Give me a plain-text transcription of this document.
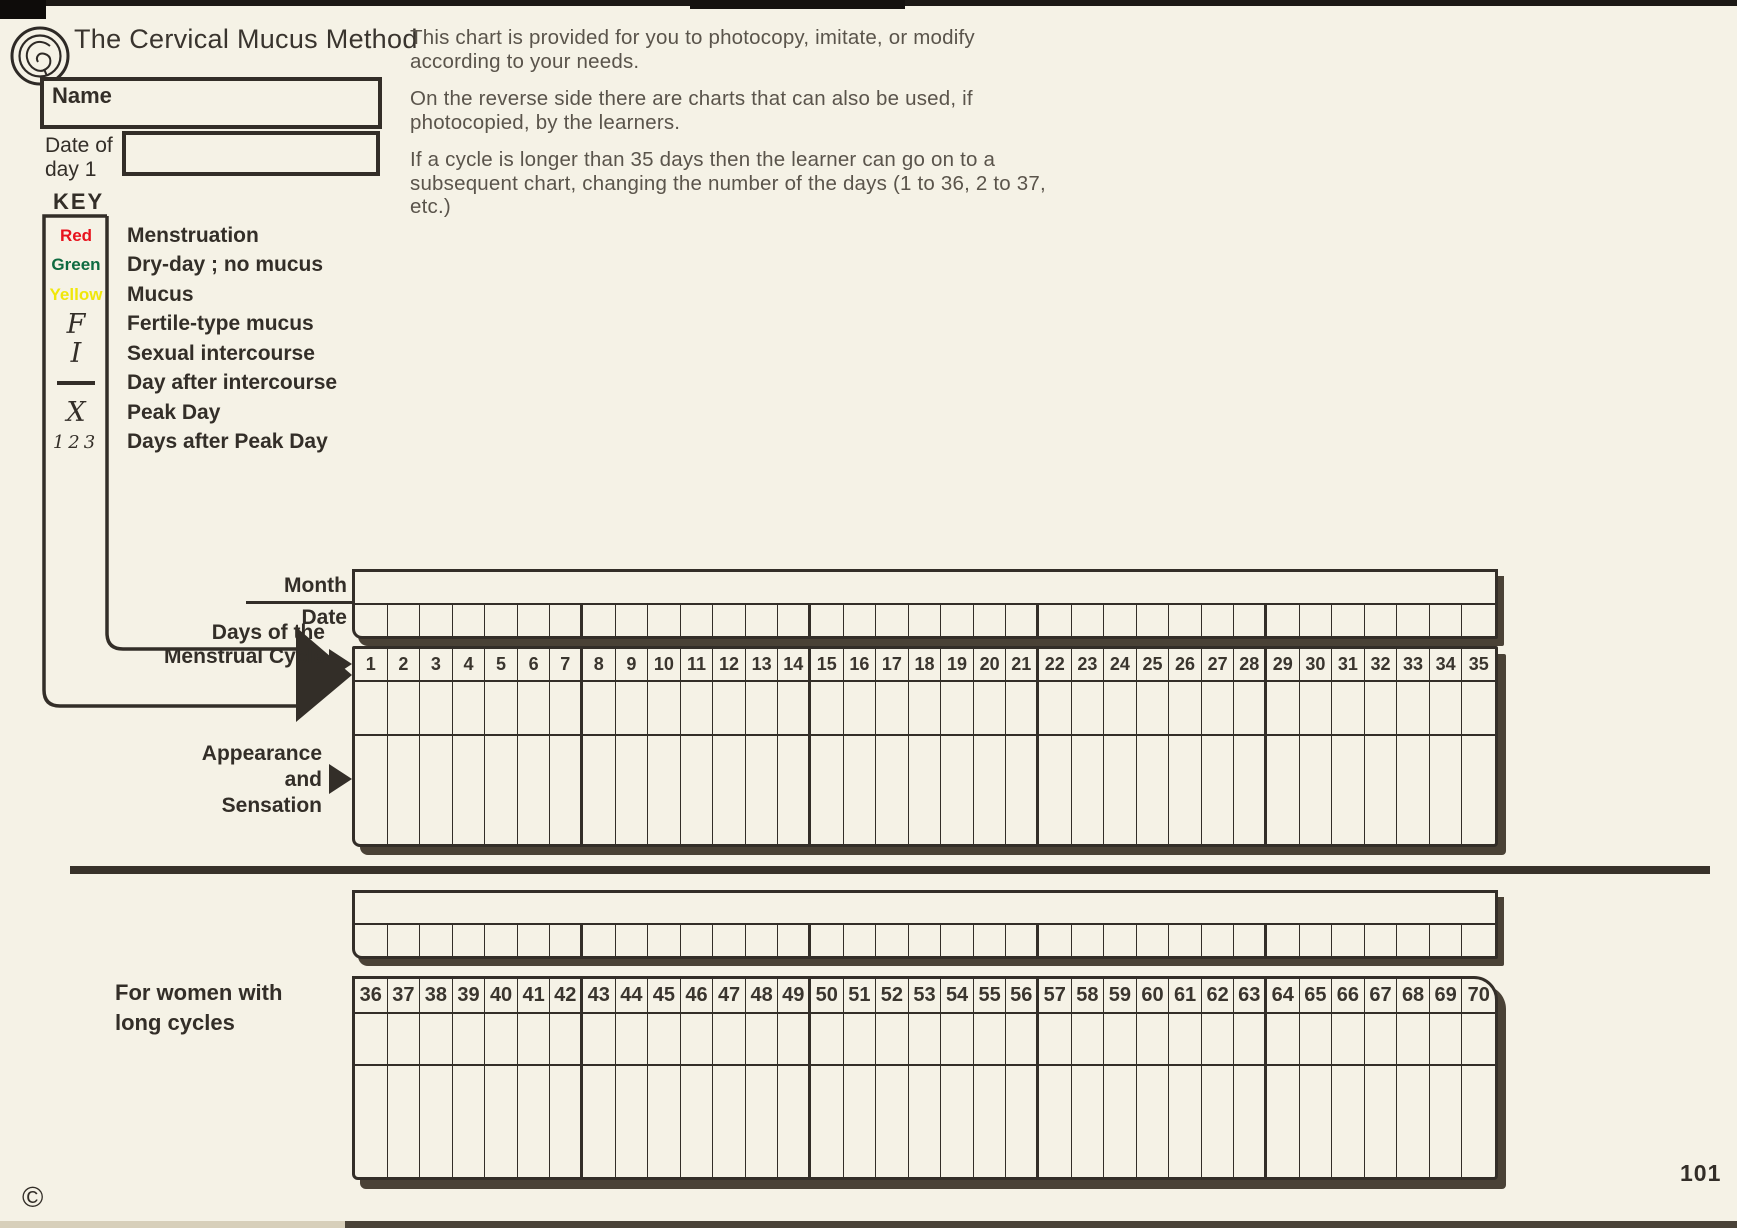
The Cervical Mucus Method
Name
Date of
day 1

This chart is provided for you to photocopy, imitate, or modify according to your needs.

On the reverse side there are charts that can also be used, if photocopied, by the learners.

If a cycle is longer than 35 days then the learner can go on to a subsequent chart, changing the number of the days (1 to 36, 2 to 37, etc.)

KEY
Red Menstruation
Green Dry-day ; no mucus
Yellow Mucus
F Fertile-type mucus
I Sexual intercourse
Day after intercourse
X Peak Day
123 Days after Peak Day
Month
Date
Days of the
Menstrual Cycle
Appearance
and
Sensation
1	2	3	4	5	6	7	8	9 10 11 12 13 14 15 16 17 18 19 20 21 22 23 24 25 26 27 28 29 30 31 32 33 34 35
For women with
long cycles
36 37 38 39 40 41 42 43 44 45 46 47 48 49 50 51 52 53 54 55 56 57 58 59 60 61 62 63 64 65 66 67 68 69 70
©
101
